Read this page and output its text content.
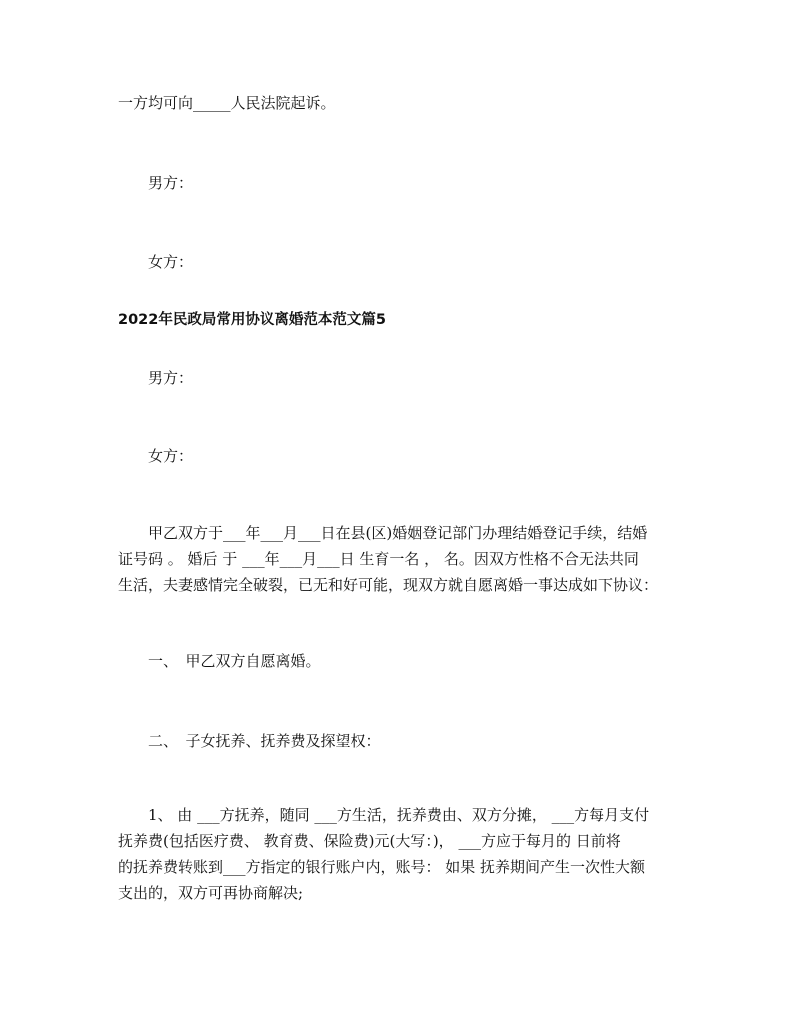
一方均可向_____人民法院起诉。
男方：
女方：
2022年民政局常用协议离婚范本范文篇5
男方：
女方：
甲乙双方于___年___月___日在县(区)婚姻登记部门办理结婚登记手续，结婚
证号码 。 婚后 于 ___年___月___日 生育一名 ， 名。因双方性格不合无法共同
生活，夫妻感情完全破裂，已无和好可能，现双方就自愿离婚一事达成如下协议：
一、　甲乙双方自愿离婚。
二、　子女抚养、抚养费及探望权：
1、 由 ___方抚养，随同 ___方生活，抚养费由、双方分摊， ___方每月支付
抚养费(包括医疗费、 教育费、保险费)元(大写：)， ___方应于每月的 日前将
的抚养费转账到___方指定的银行账户内，账号： 如果 抚养期间产生一次性大额
支出的，双方可再协商解决;
